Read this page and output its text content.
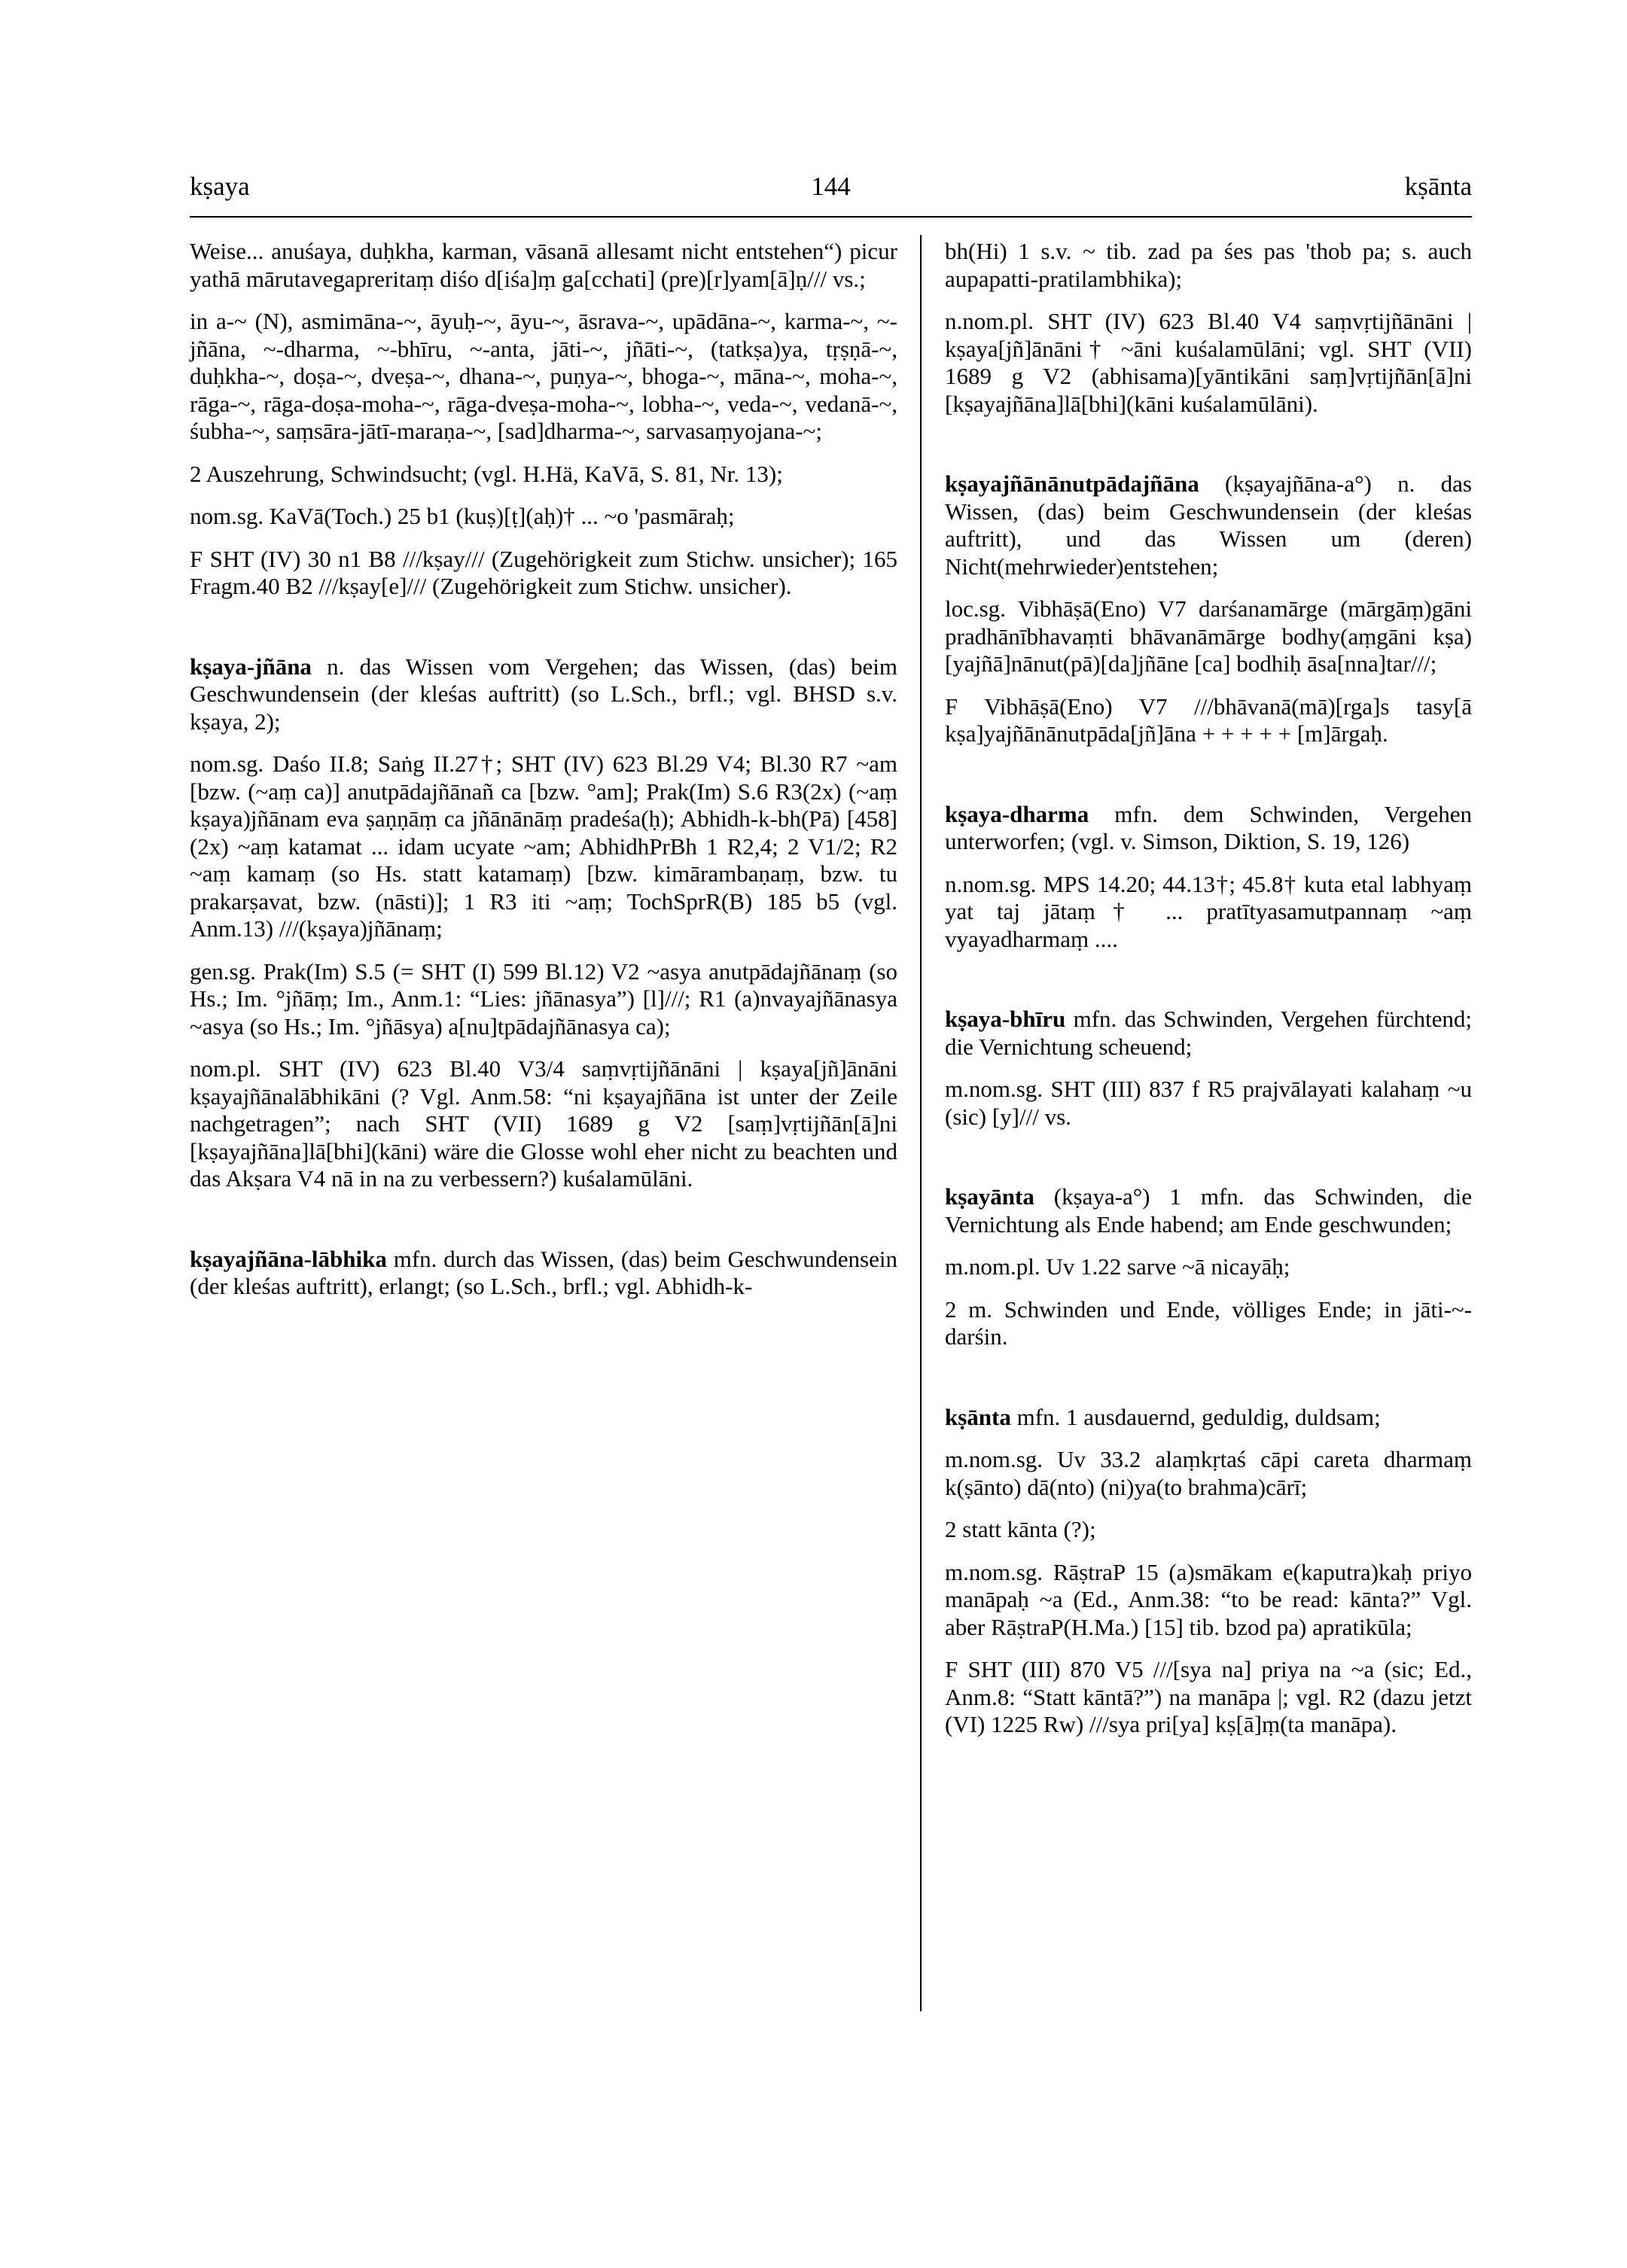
144
kṣaya	kṣānta

Weise... anuśaya, duḥkha, karman, vāsanā allesamt nicht entstehen“) picur yathā mārutavegapreritaṃ diśo d[iśa]ṃ ga[cchati] (pre)[r]yam[ā]ṇ/// vs.;

in a-~ (N), asmimāna-~, āyuḥ-~, āyu-~, āsrava-~, upādāna-~, karma-~, ~-jñāna, ~-dharma, ~-bhīru, ~-anta, jāti-~, jñāti-~, (tatkṣa)ya, tṛṣṇā-~, duḥkha-~, doṣa-~, dveṣa-~, dhana-~, puṇya-~, bhoga-~, māna-~, moha-~, rāga-~, rāga-doṣa-moha-~, rāga-dveṣa-moha-~, lobha-~, veda-~, vedanā-~, śubha-~, saṃsāra-jātī-maraṇa-~, [sad]dharma-~, sarvasaṃyojana-~;

2 Auszehrung, Schwindsucht; (vgl. H.Hä, KaVā, S. 81, Nr. 13);

nom.sg. KaVā(Toch.) 25 b1 (kuṣ)[ṭ](aḥ)† ... ~o 'pasmāraḥ;

F SHT (IV) 30 n1 B8 ///kṣay/// (Zugehörigkeit zum Stichw. unsicher); 165 Fragm.40 B2 ///kṣay[e]/// (Zugehörigkeit zum Stichw. unsicher).

kṣaya-jñāna n. das Wissen vom Vergehen; das Wissen, (das) beim Geschwundensein (der kleśas auftritt) (so L.Sch., brfl.; vgl. BHSD s.v. kṣaya, 2);

nom.sg. Daśo II.8; Saṅg II.27†; SHT (IV) 623 Bl.29 V4; Bl.30 R7 ~am [bzw. (~aṃ ca)] anutpādajñānañ ca [bzw. °am]; Prak(Im) S.6 R3(2x) (~aṃ kṣaya)jñānam eva ṣaṇṇāṃ ca jñānānāṃ pradeśa(ḥ); Abhidh-k-bh(Pā) [458] (2x) ~aṃ katamat ... idam ucyate ~am; AbhidhPrBh 1 R2,4; 2 V1/2; R2 ~aṃ kamaṃ (so Hs. statt katamaṃ) [bzw. kimārambaṇaṃ, bzw. tu prakarṣavat, bzw. (nāsti)]; 1 R3 iti ~aṃ; TochSprR(B) 185 b5 (vgl. Anm.13) ///(kṣaya)jñānaṃ;

gen.sg. Prak(Im) S.5 (= SHT (I) 599 Bl.12) V2 ~asya anutpādajñānaṃ (so Hs.; Im. °jñāṃ; Im., Anm.1: “Lies: jñānasya”) [l]///; R1 (a)nvayajñānasya ~asya (so Hs.; Im. °jñāsya) a[nu]tpādajñānasya ca);

nom.pl. SHT (IV) 623 Bl.40 V3/4 saṃvṛtijñānāni | kṣaya[jñ]ānāni kṣayajñānalābhikāni (? Vgl. Anm.58: “ni kṣayajñāna ist unter der Zeile nachgetragen”; nach SHT (VII) 1689 g V2 [saṃ]vṛtijñān[ā]ni [kṣayajñāna]lā[bhi](kāni) wäre die Glosse wohl eher nicht zu beachten und das Akṣara V4 nā in na zu verbessern?) kuśalamūlāni.

kṣayajñāna-lābhika mfn. durch das Wissen, (das) beim Geschwundensein (der kleśas auftritt), erlangt; (so L.Sch., brfl.; vgl. Abhidh-k-

bh(Hi) 1 s.v. ~ tib. zad pa śes pas 'thob pa; s. auch aupapatti-pratilambhika);

n.nom.pl. SHT (IV) 623 Bl.40 V4 saṃvṛtijñānāni | kṣaya[jñ]ānāni† ~āni kuśalamūlāni; vgl. SHT (VII) 1689 g V2 (abhisama)[yāntikāni saṃ]vṛtijñān[ā]ni [kṣayajñāna]lā[bhi](kāni kuśalamūlāni).

kṣayajñānānutpādajñāna (kṣayajñāna-a°) n. das Wissen, (das) beim Geschwundensein (der kleśas auftritt), und das Wissen um (deren) Nicht(mehrwieder)entstehen;

loc.sg. Vibhāṣā(Eno) V7 darśanamārge (mārgāṃ)gāni pradhānībhavaṃti bhāvanāmārge bodhy(aṃgāni kṣa)[yajñā]nānut(pā)[da]jñāne [ca] bodhiḥ āsa[nna]tar///;

F Vibhāṣā(Eno) V7 ///bhāvanā(mā)[rga]s tasy[ā kṣa]yajñānānutpāda[jñ]āna + + + + + [m]ārgaḥ.

kṣaya-dharma mfn. dem Schwinden, Vergehen unterworfen; (vgl. v. Simson, Diktion, S. 19, 126)

n.nom.sg. MPS 14.20; 44.13†; 45.8† kuta etal labhyaṃ yat taj jātaṃ† ... pratītyasamutpannaṃ ~aṃ vyayadharmaṃ ....

kṣaya-bhīru mfn. das Schwinden, Vergehen fürchtend; die Vernichtung scheuend;

m.nom.sg. SHT (III) 837 f R5 prajvālayati kalahaṃ ~u (sic) [y]/// vs.

kṣayānta (kṣaya-a°) 1 mfn. das Schwinden, die Vernichtung als Ende habend; am Ende geschwunden;

m.nom.pl. Uv 1.22 sarve ~ā nicayāḥ;

2 m. Schwinden und Ende, völliges Ende; in jāti-~-darśin.

kṣānta mfn. 1 ausdauernd, geduldig, duldsam;

m.nom.sg. Uv 33.2 alaṃkṛtaś cāpi careta dharmaṃ k(ṣānto) dā(nto) (ni)ya(to brahma)cārī;

2 statt kānta (?);

m.nom.sg. RāṣtraP 15 (a)smākam e(kaputra)kaḥ priyo manāpaḥ ~a (Ed., Anm.38: “to be read: kānta?” Vgl. aber RāṣtraP(H.Ma.) [15] tib. bzod pa) apratikūla;

F SHT (III) 870 V5 ///[sya na] priya na ~a (sic; Ed., Anm.8: “Statt kāntā?”) na manāpa |; vgl. R2 (dazu jetzt (VI) 1225 Rw) ///sya pri[ya] kṣ[ā]ṃ(ta manāpa).
